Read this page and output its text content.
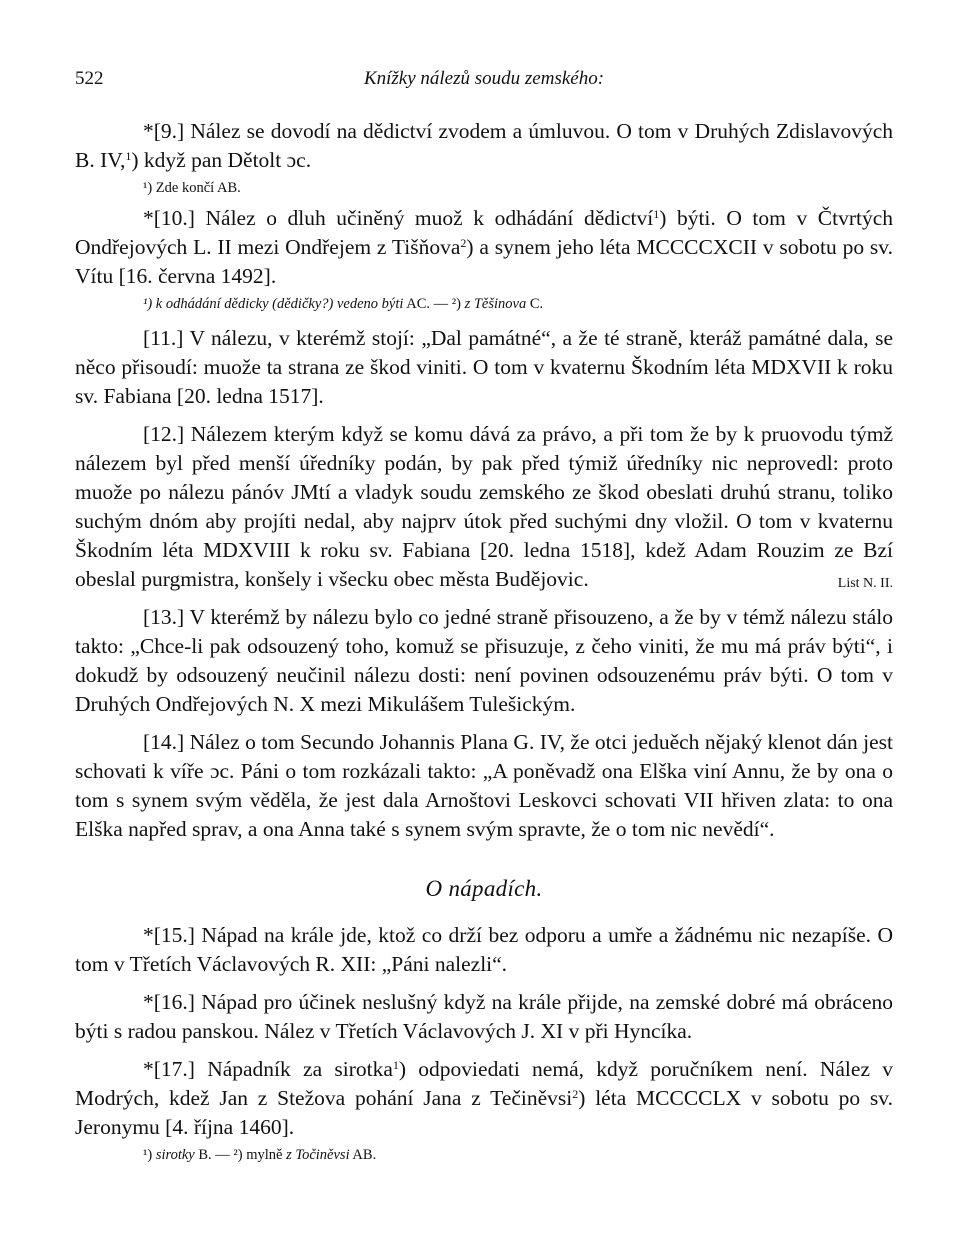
522	Knížky nálezů soudu zemského:

*[9.] Nález se dovodí na dědictví zvodem a úmluvou. O tom v Druhých Zdislavových B. IV,$^1$) když pan Dětolt ɔc.

¹) Zde končí AB.

*[10.] Nález o dluh učiněný muož k odhádání dědictví$^1$) býti. O tom v Čtvrtých Ondřejových L. II mezi Ondřejem z Tišňova$^2$) a synem jeho léta MCCCCXCII v sobotu po sv. Vítu [16. června 1492].

¹) k odhádání dědicky (dědičky?) vedeno býti AC. — ²) z Těšinova C.

[11.] V nálezu, v kterémž stojí: „Dal památné“, a že té straně, kteráž památné dala, se něco přisoudí: muože ta strana ze škod viniti. O tom v kvaternu Škodním léta MDXVII k roku sv. Fabiana [20. ledna 1517].

[12.] Nálezem kterým když se komu dává za právo, a při tom že by k pruovodu týmž nálezem byl před menší úředníky podán, by pak před týmiž úředníky nic neprovedl: proto muože po nálezu pánóv JMtí a vladyk soudu zemského ze škod obeslati druhú stranu, toliko suchým dnóm aby projíti nedal, aby najprv útok před suchými dny vložil. O tom v kvaternu Škodním léta MDXVIII k roku sv. Fabiana [20. ledna 1518], kdež Adam Rouzim ze Bzí obeslal purgmistra, konšely i všecku obec města Budějovic.	List N. II.

[13.] V kterémž by nálezu bylo co jedné straně přisouzeno, a že by v témž nálezu stálo takto: „Chce-li pak odsouzený toho, komuž se přisuzuje, z čeho viniti, že mu má práv býti“, i dokudž by odsouzený neučinil nálezu dosti: není povinen odsouzenému práv býti. O tom v Druhých Ondřejových N. X mezi Mikulášem Tulešickým.

[14.] Nález o tom Secundo Johannis Plana G. IV, že otci jeduěch nějaký klenot dán jest schovati k víře ɔc. Páni o tom rozkázali takto: „A poněvadž ona Elška viní Annu, že by ona o tom s synem svým věděla, že jest dala Arnoštovi Leskovci schovati VII hřiven zlata: to ona Elška napřed sprav, a ona Anna také s synem svým spravte, že o tom nic nevědí“.

O nápadích.

*[15.] Nápad na krále jde, ktož co drží bez odporu a umře a žádnému nic nezapíše. O tom v Třetích Václavových R. XII: „Páni nalezli“.

*[16.] Nápad pro účinek neslušný když na krále přijde, na zemské dobré má obráceno býti s radou panskou. Nález v Třetích Václavových J. XI v při Hyncíka.

*[17.] Nápadník za sirotka$^1$) odpoviedati nemá, když poručníkem není. Nález v Modrých, kdež Jan z Stežova pohání Jana z Tečiněvsi$^2$) léta MCCCCLX v sobotu po sv. Jeronymu [4. října 1460].

¹) sirotky B. — ²) mylně z Točiněvsi AB.
